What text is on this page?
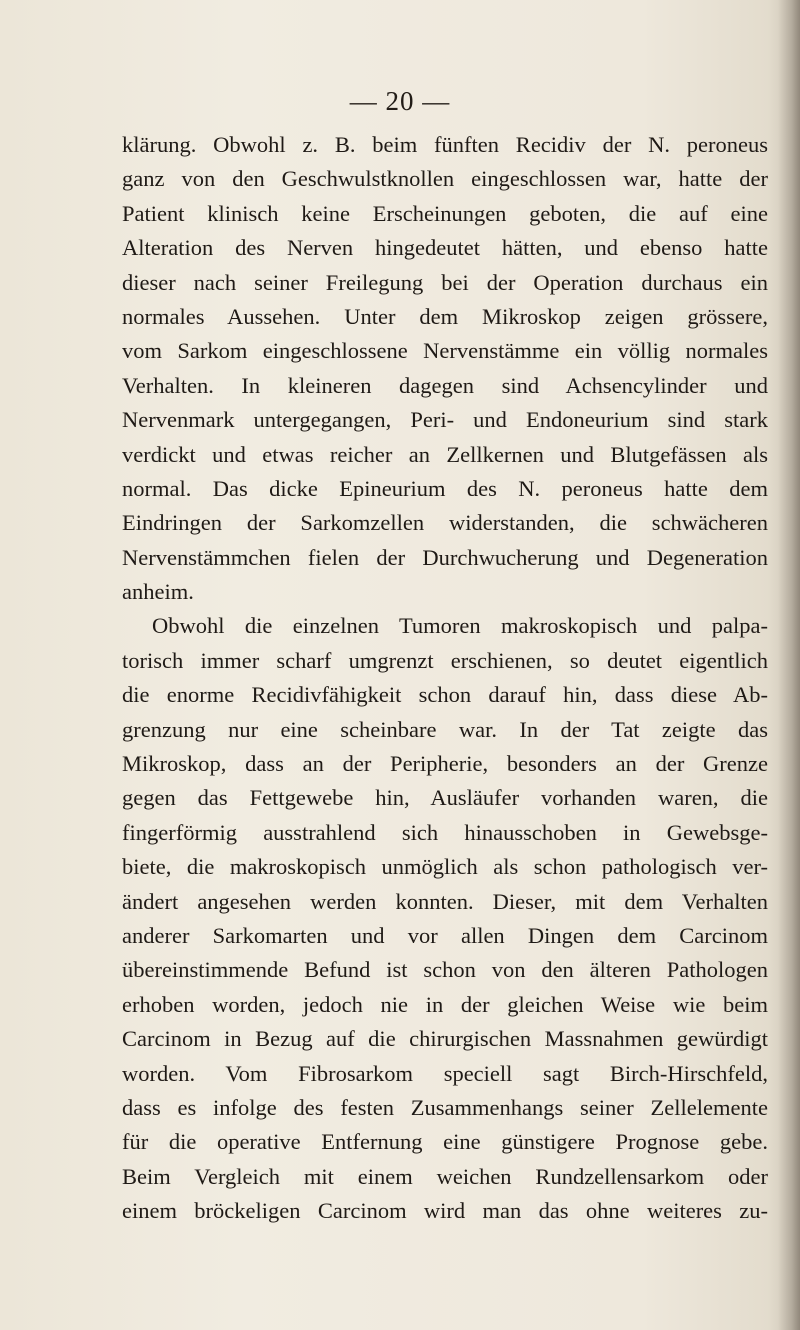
— 20 —
klärung. Obwohl z. B. beim fünften Recidiv der N. peroneus
ganz von den Geschwulstknollen eingeschlossen war, hatte der
Patient klinisch keine Erscheinungen geboten, die auf eine
Alteration des Nerven hingedeutet hätten, und ebenso hatte
dieser nach seiner Freilegung bei der Operation durchaus ein
normales Aussehen. Unter dem Mikroskop zeigen grössere,
vom Sarkom eingeschlossene Nervenstämme ein völlig normales
Verhalten. In kleineren dagegen sind Achsencylinder und
Nervenmark untergegangen, Peri- und Endoneurium sind stark
verdickt und etwas reicher an Zellkernen und Blutgefässen als
normal. Das dicke Epineurium des N. peroneus hatte dem
Eindringen der Sarkomzellen widerstanden, die schwächeren
Nervenstämmchen fielen der Durchwucherung und Degeneration
anheim.
Obwohl die einzelnen Tumoren makroskopisch und palpa-
torisch immer scharf umgrenzt erschienen, so deutet eigentlich
die enorme Recidivfähigkeit schon darauf hin, dass diese Ab-
grenzung nur eine scheinbare war. In der Tat zeigte das
Mikroskop, dass an der Peripherie, besonders an der Grenze
gegen das Fettgewebe hin, Ausläufer vorhanden waren, die
fingerförmig ausstrahlend sich hinausschoben in Gewebsge-
biete, die makroskopisch unmöglich als schon pathologisch ver-
ändert angesehen werden konnten. Dieser, mit dem Verhalten
anderer Sarkomarten und vor allen Dingen dem Carcinom
übereinstimmende Befund ist schon von den älteren Pathologen
erhoben worden, jedoch nie in der gleichen Weise wie beim
Carcinom in Bezug auf die chirurgischen Massnahmen gewürdigt
worden. Vom Fibrosarkom speciell sagt Birch-Hirschfeld,
dass es infolge des festen Zusammenhangs seiner Zellelemente
für die operative Entfernung eine günstigere Prognose gebe.
Beim Vergleich mit einem weichen Rundzellensarkom oder
einem bröckeligen Carcinom wird man das ohne weiteres zu-
